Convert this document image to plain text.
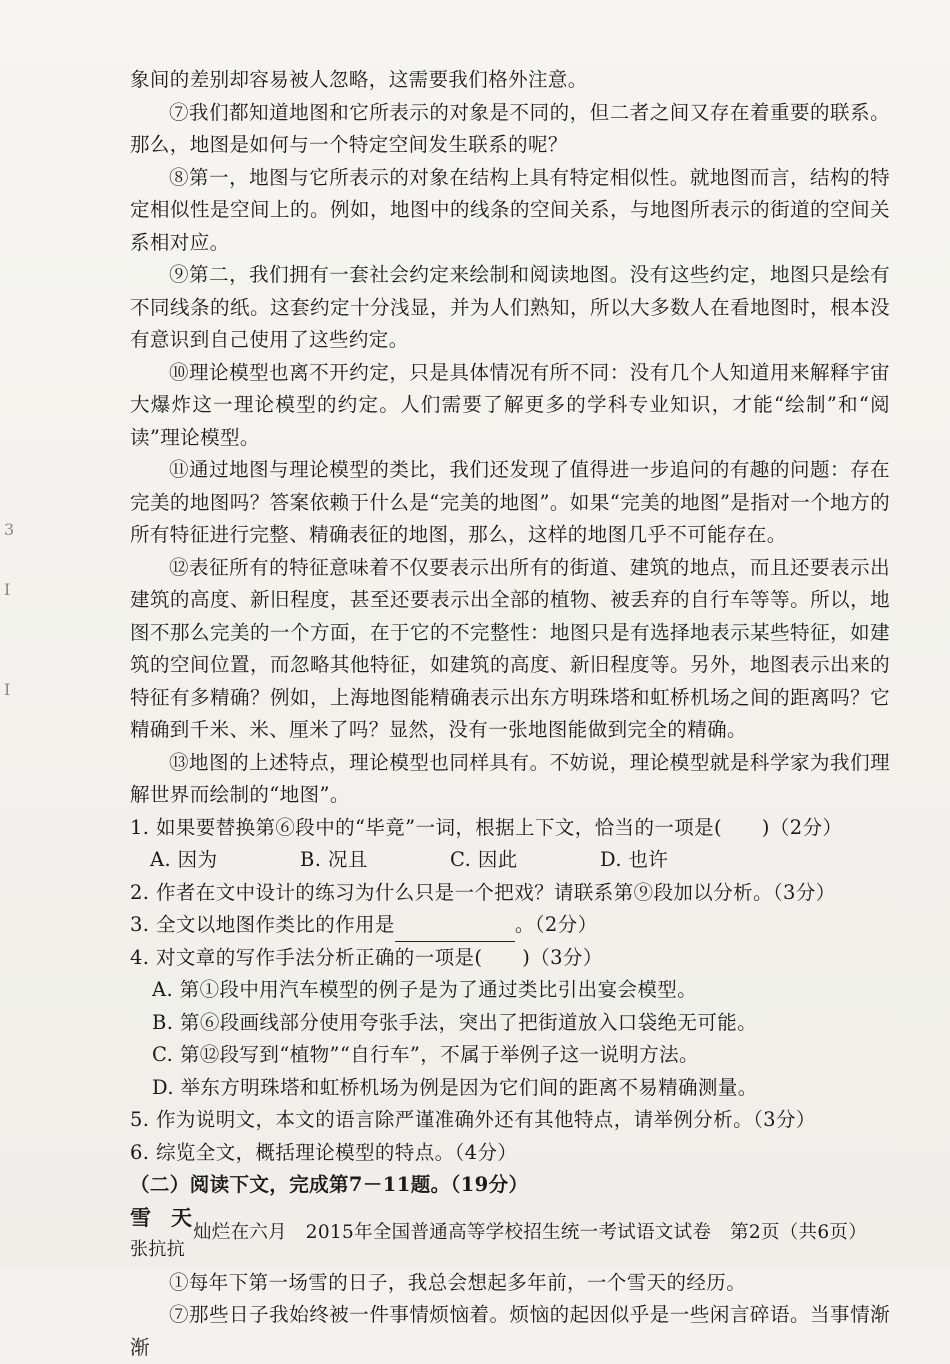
3
I
I

象间的差别却容易被人忽略，这需要我们格外注意。

⑦我们都知道地图和它所表示的对象是不同的，但二者之间又存在着重要的联系。那么，地图是如何与一个特定空间发生联系的呢？

⑧第一，地图与它所表示的对象在结构上具有特定相似性。就地图而言，结构的特定相似性是空间上的。例如，地图中的线条的空间关系，与地图所表示的街道的空间关系相对应。

⑨第二，我们拥有一套社会约定来绘制和阅读地图。没有这些约定，地图只是绘有不同线条的纸。这套约定十分浅显，并为人们熟知，所以大多数人在看地图时，根本没有意识到自己使用了这些约定。

⑩理论模型也离不开约定，只是具体情况有所不同：没有几个人知道用来解释宇宙大爆炸这一理论模型的约定。人们需要了解更多的学科专业知识，才能“绘制”和“阅读”理论模型。

⑪通过地图与理论模型的类比，我们还发现了值得进一步追问的有趣的问题：存在完美的地图吗？答案依赖于什么是“完美的地图”。如果“完美的地图”是指对一个地方的所有特征进行完整、精确表征的地图，那么，这样的地图几乎不可能存在。

⑫表征所有的特征意味着不仅要表示出所有的街道、建筑的地点，而且还要表示出建筑的高度、新旧程度，甚至还要表示出全部的植物、被丢弃的自行车等等。所以，地图不那么完美的一个方面，在于它的不完整性：地图只是有选择地表示某些特征，如建筑的空间位置，而忽略其他特征，如建筑的高度、新旧程度等。另外，地图表示出来的特征有多精确？例如，上海地图能精确表示出东方明珠塔和虹桥机场之间的距离吗？它精确到千米、米、厘米了吗？显然，没有一张地图能做到完全的精确。

⑬地图的上述特点，理论模型也同样具有。不妨说，理论模型就是科学家为我们理解世界而绘制的“地图”。

1. 如果要替换第⑥段中的“毕竟”一词，根据上下文，恰当的一项是(　　)（2分）

A. 因为	B. 况且	C. 因此	D. 也许

2. 作者在文中设计的练习为什么只是一个把戏？请联系第⑨段加以分析。（3分）

3. 全文以地图作类比的作用是	。（2分）

4. 对文章的写作手法分析正确的一项是(　　)（3分）

A. 第①段中用汽车模型的例子是为了通过类比引出宴会模型。

B. 第⑥段画线部分使用夸张手法，突出了把街道放入口袋绝无可能。

C. 第⑫段写到“植物”“自行车”，不属于举例子这一说明方法。

D. 举东方明珠塔和虹桥机场为例是因为它们间的距离不易精确测量。

5. 作为说明文，本文的语言除严谨准确外还有其他特点，请举例分析。（3分）

6. 综览全文，概括理论模型的特点。（4分）

（二）阅读下文，完成第7－11题。（19分）

雪天

张抗抗

①每年下第一场雪的日子，我总会想起多年前，一个雪天的经历。

⑦那些日子我始终被一件事情烦恼着。烦恼的起因似乎是一些闲言碎语。当事情渐渐

灿烂在六月　2015年全国普通高等学校招生统一考试语文试卷　第2页（共6页）
